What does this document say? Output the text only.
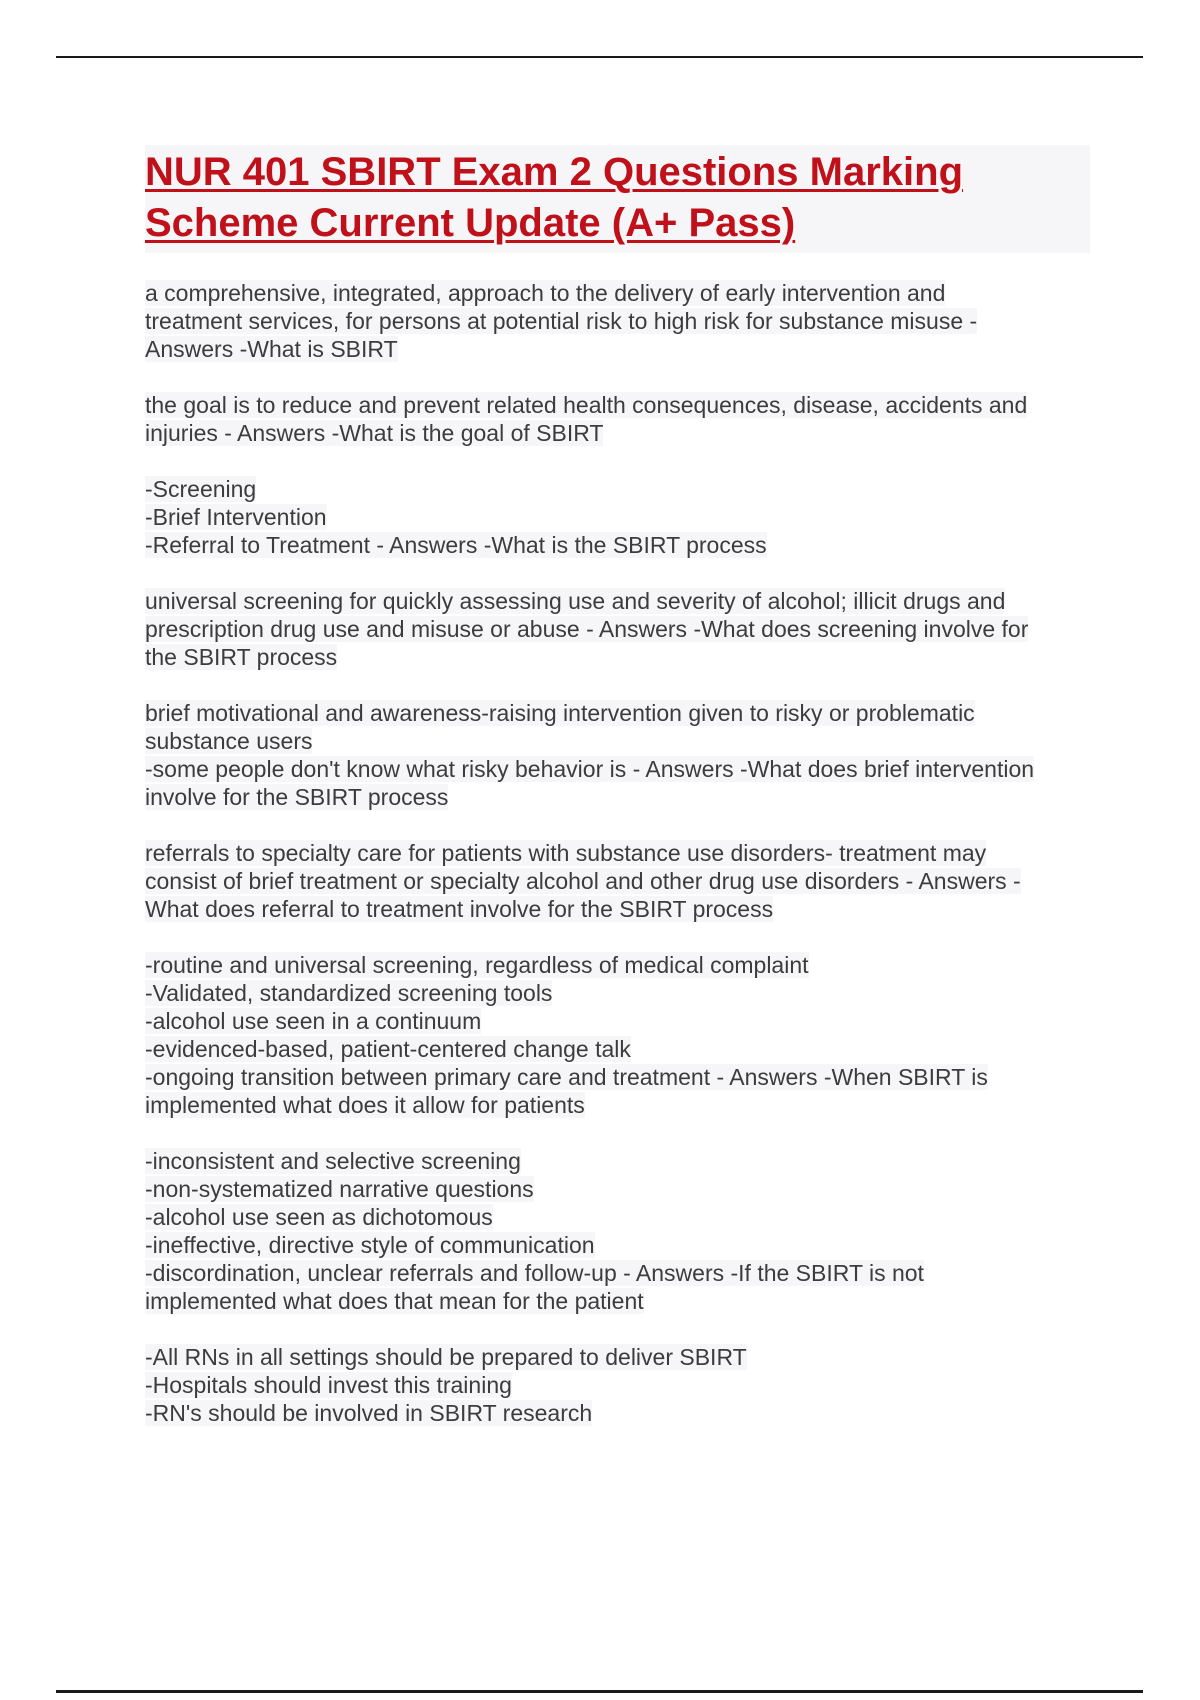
NUR 401 SBIRT Exam 2 Questions Marking
Scheme Current Update (A+ Pass)

a comprehensive, integrated, approach to the delivery of early intervention and
treatment services, for persons at potential risk to high risk for substance misuse -
Answers -What is SBIRT

the goal is to reduce and prevent related health consequences, disease, accidents and
injuries - Answers -What is the goal of SBIRT

-Screening
-Brief Intervention
-Referral to Treatment - Answers -What is the SBIRT process

universal screening for quickly assessing use and severity of alcohol; illicit drugs and
prescription drug use and misuse or abuse - Answers -What does screening involve for
the SBIRT process

brief motivational and awareness-raising intervention given to risky or problematic
substance users
-some people don't know what risky behavior is - Answers -What does brief intervention
involve for the SBIRT process

referrals to specialty care for patients with substance use disorders- treatment may
consist of brief treatment or specialty alcohol and other drug use disorders - Answers -
What does referral to treatment involve for the SBIRT process

-routine and universal screening, regardless of medical complaint
-Validated, standardized screening tools
-alcohol use seen in a continuum
-evidenced-based, patient-centered change talk
-ongoing transition between primary care and treatment - Answers -When SBIRT is
implemented what does it allow for patients

-inconsistent and selective screening
-non-systematized narrative questions
-alcohol use seen as dichotomous
-ineffective, directive style of communication
-discordination, unclear referrals and follow-up - Answers -If the SBIRT is not
implemented what does that mean for the patient

-All RNs in all settings should be prepared to deliver SBIRT
-Hospitals should invest this training
-RN's should be involved in SBIRT research
